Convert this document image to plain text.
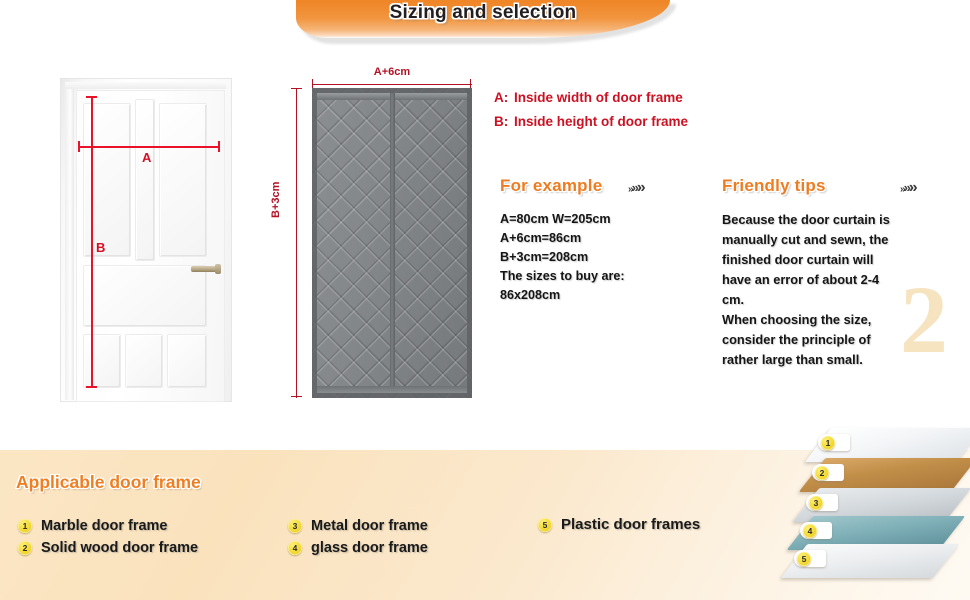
Sizing and selection
A
B
A+6cm
B+3cm
A: Inside width of door frame
B: Inside height of door frame
For example	»»»
A=80cm W=205cm
A+6cm=86cm
B+3cm=208cm
The sizes to buy are:
86x208cm
Friendly tips	»»»
2
Because the door curtain is
manually cut and sewn, the
finished door curtain will
have an error of about 2-4
cm.
When choosing the size,
consider the principle of
rather large than small.
Applicable door frame
1 Marble door frame
2 Solid wood door frame
3 Metal door frame
4 glass door frame
5 Plastic door frames
1
2
3
4
5
